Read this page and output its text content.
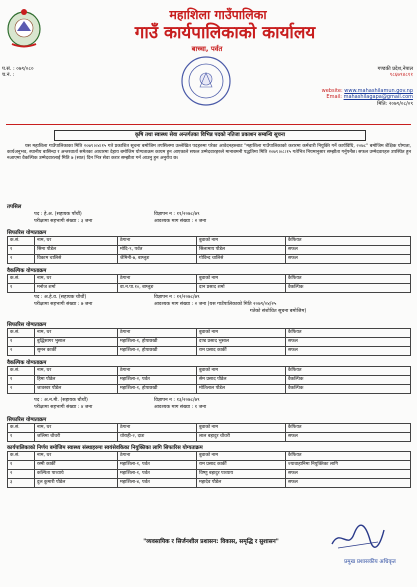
महाशिला गाउँपालिका
गाउँ कार्यपालिकाको कार्यालय
प.सं. : ०७९/०८०
च.नं. :
बाच्चा, पर्वत
गण्डकी प्रदेश,नेपाल
९८६७९४८११
website: www.mahashilamun.gov.np
Email: mahashilagapa@gmail.com
मिति: २०७९/०८/०९
कृषि तथा स्वास्थ्य सेवा अन्तर्गतका विभिन्न पदको नतिजा प्रकाशन सम्बन्धि सूचना
यस महाशिला गाउँपालिकाका मिति २०७९।०४।१५ गते प्रकाशित सूचना बमोजिम तपसिलमा उल्लेखित पदहरुमा परेका आवेदनहरुबाट "महाशिला गाउँपालिकाको करारमा कर्मचारी नियुक्ति गर्ने कार्यविधि, २०७८" बमोजिम शैक्षिक योग्यता, कार्यअनुभव, स्थानीय बासिन्दा र अन्तरवार्ता समेतका आधारमा देहाय बमोजिम योग्यताक्रम कायम हुन आएकाले सफल उम्मेदवारहरुले मानाबमनी पद्धतिमा मिति २०७९।०८।१५ गतेभित्र नियमानुसार सम्झौता गर्नुपर्नेछ। सफल उम्मेदवारहरु उपस्थित हुन नआएमा वैकल्पिक उम्मेदवारलाई मिति ७ (सात) दिन भित्र सेवा करार सम्झौता गर्न आउनु हुन अनुरोध छ।
तपसिल
पद : हे.अ. (सहायक पाँचौं)	विज्ञापन न : ११/२०७८/७९
परीक्षामा सहभागी संख्या : ३ जना	आवश्यक माग संख्या : २ जना
सिफारिस योग्यताक्रम
क.सं.	नाम, थर	ठेगाना	बुवाको नाम	कैफियत
१	सिमा पौडेल	मोदि-९, पर्वत	सिलामाय पौडेल	सफल
२	विकाम चालिसे	जैमिनी-७, बाग्लुङ	गोविन्द चालिसे	सफल
वैकल्पिक योग्यताक्रम
क.सं.	नाम, थर	ठेगाना	बुवाको नाम	कैफियत
१	मनोज शर्मा	वा.न.पा.१०, बाग्लुङ	दान प्रसाद शर्मा	वैकल्पिक
पद : अ.हे.व. (सहायक चौथौं)	विज्ञापन न : १२/२०७८/७९
परीक्षामा सहभागी संख्या : ७ जना	आवश्यक माग संख्या : २ जना (यस गाउँपालिकाको मिति २०७९/०४/२५
गतेको संशोधित सूचना बमोजिम)
सिफारिस योग्यताक्रम
क.सं.	नाम, थर	ठेगाना	बुवाको नाम	कैफियत
१	बुद्धिसागर भुसाल	महाशिला-१, होपाछाडी	दण्ड प्रसाद भुसाल	सफल
२	सुमन कार्की	महाशिला-२, होपाछाडी	राम प्रसाद कार्की	सफल
वैकल्पिक योग्यताक्रम
क.सं.	नाम, थर	ठेगाना	बुवाको नाम	कैफियत
१	हिमा पौडेल	महाशिला-२, पर्वत	सेम प्रसाद पौडेल	वैकल्पिक
२	जावस्वर पौडेल	महाशिला-१, होपाछाडी	मोतिलाल पौडेल	वैकल्पिक
पद : अ.न.मी. (सहायक चौथौं)	विज्ञापन न : १३/२०७८/७९
परीक्षामा सहभागी संख्या : ४ जना	आवश्यक माग संख्या : १ जना
सिफारिस योग्यताक्रम
क.सं.	नाम, थर	ठेगाना	बुवाको नाम	कैफियत
१	जलिमा चौधरी	धोराही-२, दाङ	लाल बहादुर चौधरी	सफल
कार्यपालिकाको निर्णय बमोजिम स्वास्थ्य संस्थाहरुमा स्वयंसेवकिका नियुक्तिका लागि सिफारिस योग्यताक्रम
क.सं.	नाम, थर	ठेगाना	बुवाको नाम	कैफियत
१	रस्मी कार्की	महाशिला-१, पर्वत	राम प्रसाद कार्की	ज्यावाहानिमा नियुक्तिका लागि
२	कल्पिता पाध्याये	महाशिला-१, पर्वत	विष्णु बहादुर पाध्याय	सफल
३	दुल कुमारी पौडेल	महाशिला-४, पर्वत	महादेव पौडेल	सफल
प्रमुख प्रशासकीय अधिकृत
"व्यवसायिक र सिर्जनशील प्रशासन: विकास, समृद्धि र सुशासन"
